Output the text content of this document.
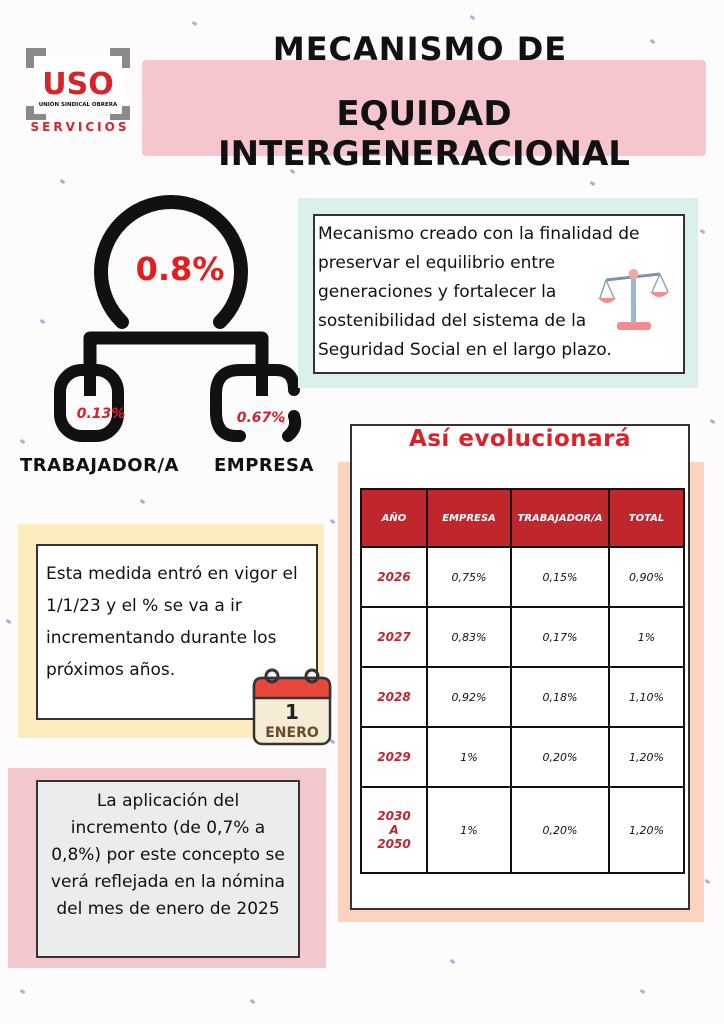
USO
UNIÓN SINDICAL OBRERA
SERVICIOS
MECANISMO DE
EQUIDAD INTERGENERACIONAL
0.8%
0.13%	0.67%
TRABAJADOR/A EMPRESA
Mecanismo creado con la finalidad de preservar el equilibrio entre generaciones y fortalecer la sostenibilidad del sistema de la Seguridad Social en el largo plazo.
Esta medida entró en vigor el 1/1/23 y el % se va a ir incrementando durante los próximos años.
1
ENERO
La aplicación del incremento (de 0,7% a 0,8%) por este concepto se verá reflejada en la nómina del mes de enero de 2025
Así evolucionará
AÑO	EMPRESA	TRABAJADOR/A	TOTAL
2026	0,75%	0,15%	0,90%
2027	0,83%	0,17%	1%
2028	0,92%	0,18%	1,10%
2029	1%	0,20%	1,20%

2030
A
2050	1%	0,20%	1,20%
